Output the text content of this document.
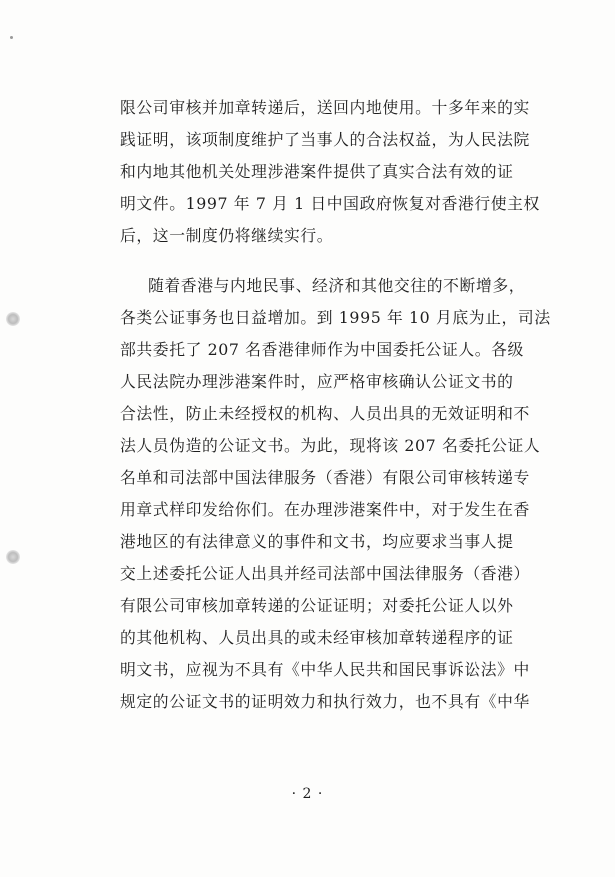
限公司审核并加章转递后，送回内地使用。十多年来的实
践证明，该项制度维护了当事人的合法权益，为人民法院
和内地其他机关处理涉港案件提供了真实合法有效的证
明文件。1997 年 7 月 1 日中国政府恢复对香港行使主权
后，这一制度仍将继续实行。
随着香港与内地民事、经济和其他交往的不断增多，
各类公证事务也日益增加。到 1995 年 10 月底为止，司法
部共委托了 207 名香港律师作为中国委托公证人。各级
人民法院办理涉港案件时，应严格审核确认公证文书的
合法性，防止未经授权的机构、人员出具的无效证明和不
法人员伪造的公证文书。为此，现将该 207 名委托公证人
名单和司法部中国法律服务（香港）有限公司审核转递专
用章式样印发给你们。在办理涉港案件中，对于发生在香
港地区的有法律意义的事件和文书，均应要求当事人提
交上述委托公证人出具并经司法部中国法律服务（香港）
有限公司审核加章转递的公证证明；对委托公证人以外
的其他机构、人员出具的或未经审核加章转递程序的证
明文书，应视为不具有《中华人民共和国民事诉讼法》中
规定的公证文书的证明效力和执行效力，也不具有《中华
· 2 ·
